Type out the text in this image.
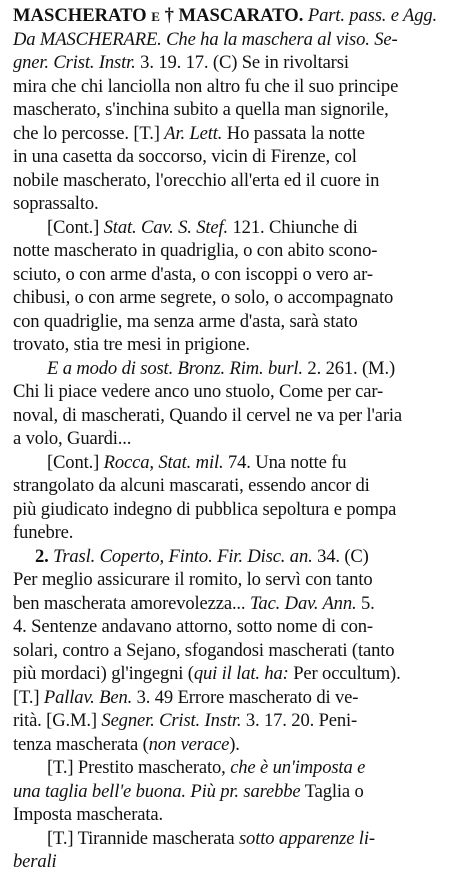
MASCHERATO e † MASCARATO. Part. pass. e Agg.
Da MASCHERARE. Che ha la maschera al viso. Se-
gner. Crist. Instr. 3. 19. 17. (C) Se in rivoltarsi
mira che chi lanciolla non altro fu che il suo principe
mascherato, s'inchina subito a quella man signorile,
che lo percosse. [T.] Ar. Lett. Ho passata la notte
in una casetta da soccorso, vicin di Firenze, col
nobile mascherato, l'orecchio all'erta ed il cuore in
soprassalto.
[Cont.] Stat. Cav. S. Stef. 121. Chiunche di
notte mascherato in quadriglia, o con abito scono-
sciuto, o con arme d'asta, o con iscoppi o vero ar-
chibusi, o con arme segrete, o solo, o accompagnato
con quadriglie, ma senza arme d'asta, sarà stato
trovato, stia tre mesi in prigione.
E a modo di sost. Bronz. Rim. burl. 2. 261. (M.)
Chi li piace vedere anco uno stuolo, Come per car-
noval, di mascherati, Quando il cervel ne va per l'aria
a volo, Guardi...
[Cont.] Rocca, Stat. mil. 74. Una notte fu
strangolato da alcuni mascarati, essendo ancor di
più giudicato indegno di pubblica sepoltura e pompa
funebre.
2. Trasl. Coperto, Finto. Fir. Disc. an. 34. (C)
Per meglio assicurare il romito, lo servì con tanto
ben mascherata amorevolezza... Tac. Dav. Ann. 5.
4. Sentenze andavano attorno, sotto nome di con-
solari, contro a Sejano, sfogandosi mascherati (tanto
più mordaci) gl'ingegni (qui il lat. ha: Per occultum).
[T.] Pallav. Ben. 3. 49 Errore mascherato di ve-
rità. [G.M.] Segner. Crist. Instr. 3. 17. 20. Peni-
tenza mascherata (non verace).
[T.] Prestito mascherato, che è un'imposta e
una taglia bell'e buona. Più pr. sarebbe Taglia o
Imposta mascherata.
[T.] Tirannide mascherata sotto apparenze li-
berali
